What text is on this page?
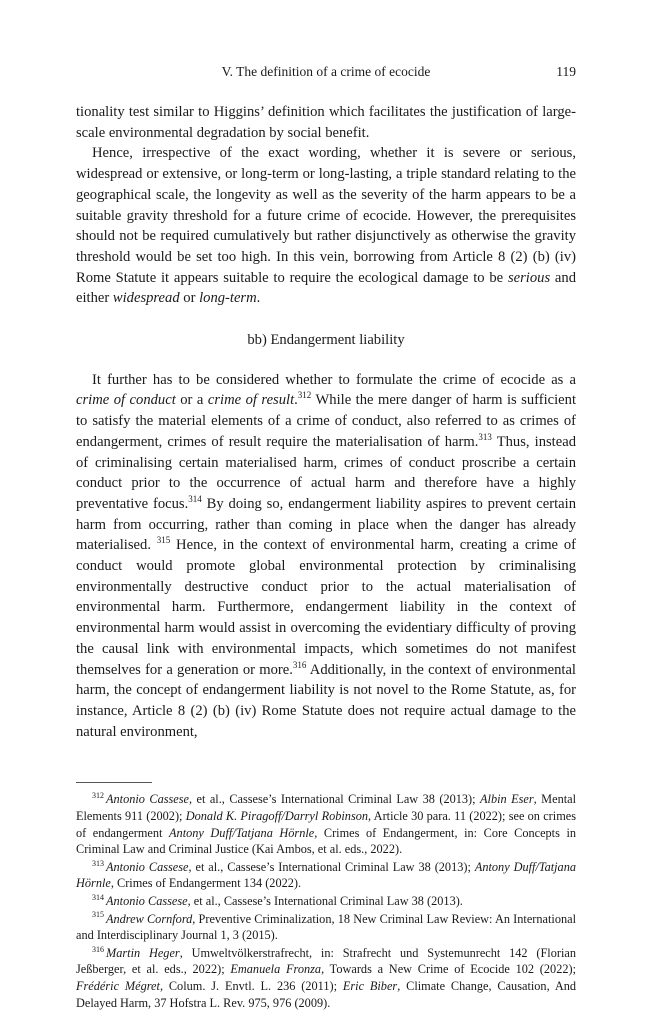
V. The definition of a crime of ecocide	119

tionality test similar to Higgins’ definition which facilitates the justification of large-scale environmental degradation by social benefit.

Hence, irrespective of the exact wording, whether it is severe or serious, widespread or extensive, or long-term or long-lasting, a triple standard relating to the geographical scale, the longevity as well as the severity of the harm appears to be a suitable gravity threshold for a future crime of ecocide. However, the prerequisites should not be required cumulatively but rather disjunctively as otherwise the gravity threshold would be set too high. In this vein, borrowing from Article 8 (2) (b) (iv) Rome Statute it appears suitable to require the ecological damage to be serious and either widespread or long-term.

bb) Endangerment liability

It further has to be considered whether to formulate the crime of ecocide as a crime of conduct or a crime of result.$^{312}$ While the mere danger of harm is sufficient to satisfy the material elements of a crime of conduct, also referred to as crimes of endangerment, crimes of result require the materialisation of harm.$^{313}$ Thus, instead of criminalising certain materialised harm, crimes of conduct proscribe a certain conduct prior to the occurrence of actual harm and therefore have a highly preventative focus.$^{314}$ By doing so, endangerment liability aspires to prevent certain harm from occurring, rather than coming in place when the danger has already materialised. $^{315}$ Hence, in the context of environmental harm, creating a crime of conduct would promote global environmental protection by criminalising environmentally destructive conduct prior to the actual materialisation of environmental harm. Furthermore, endangerment liability in the context of environmental harm would assist in overcoming the evidentiary difficulty of proving the causal link with environmental impacts, which sometimes do not manifest themselves for a generation or more.$^{316}$ Additionally, in the context of environmental harm, the concept of endangerment liability is not novel to the Rome Statute, as, for instance, Article 8 (2) (b) (iv) Rome Statute does not require actual damage to the natural environment,

$^{312}$ Antonio Cassese, et al., Cassese’s International Criminal Law 38 (2013); Albin Eser, Mental Elements 911 (2002); Donald K. Piragoff/Darryl Robinson, Article 30 para. 11 (2022); see on crimes of endangerment Antony Duff/Tatjana Hörnle, Crimes of Endangerment, in: Core Concepts in Criminal Law and Criminal Justice (Kai Ambos, et al. eds., 2022).

$^{313}$ Antonio Cassese, et al., Cassese’s International Criminal Law 38 (2013); Antony Duff/Tatjana Hörnle, Crimes of Endangerment 134 (2022).

$^{314}$ Antonio Cassese, et al., Cassese’s International Criminal Law 38 (2013).

$^{315}$ Andrew Cornford, Preventive Criminalization, 18 New Criminal Law Review: An International and Interdisciplinary Journal 1, 3 (2015).

$^{316}$ Martin Heger, Umweltvölkerstrafrecht, in: Strafrecht und Systemunrecht 142 (Florian Jeßberger, et al. eds., 2022); Emanuela Fronza, Towards a New Crime of Ecocide 102 (2022); Frédéric Mégret, Colum. J. Envtl. L. 236 (2011); Eric Biber, Climate Change, Causation, And Delayed Harm, 37 Hofstra L. Rev. 975, 976 (2009).
